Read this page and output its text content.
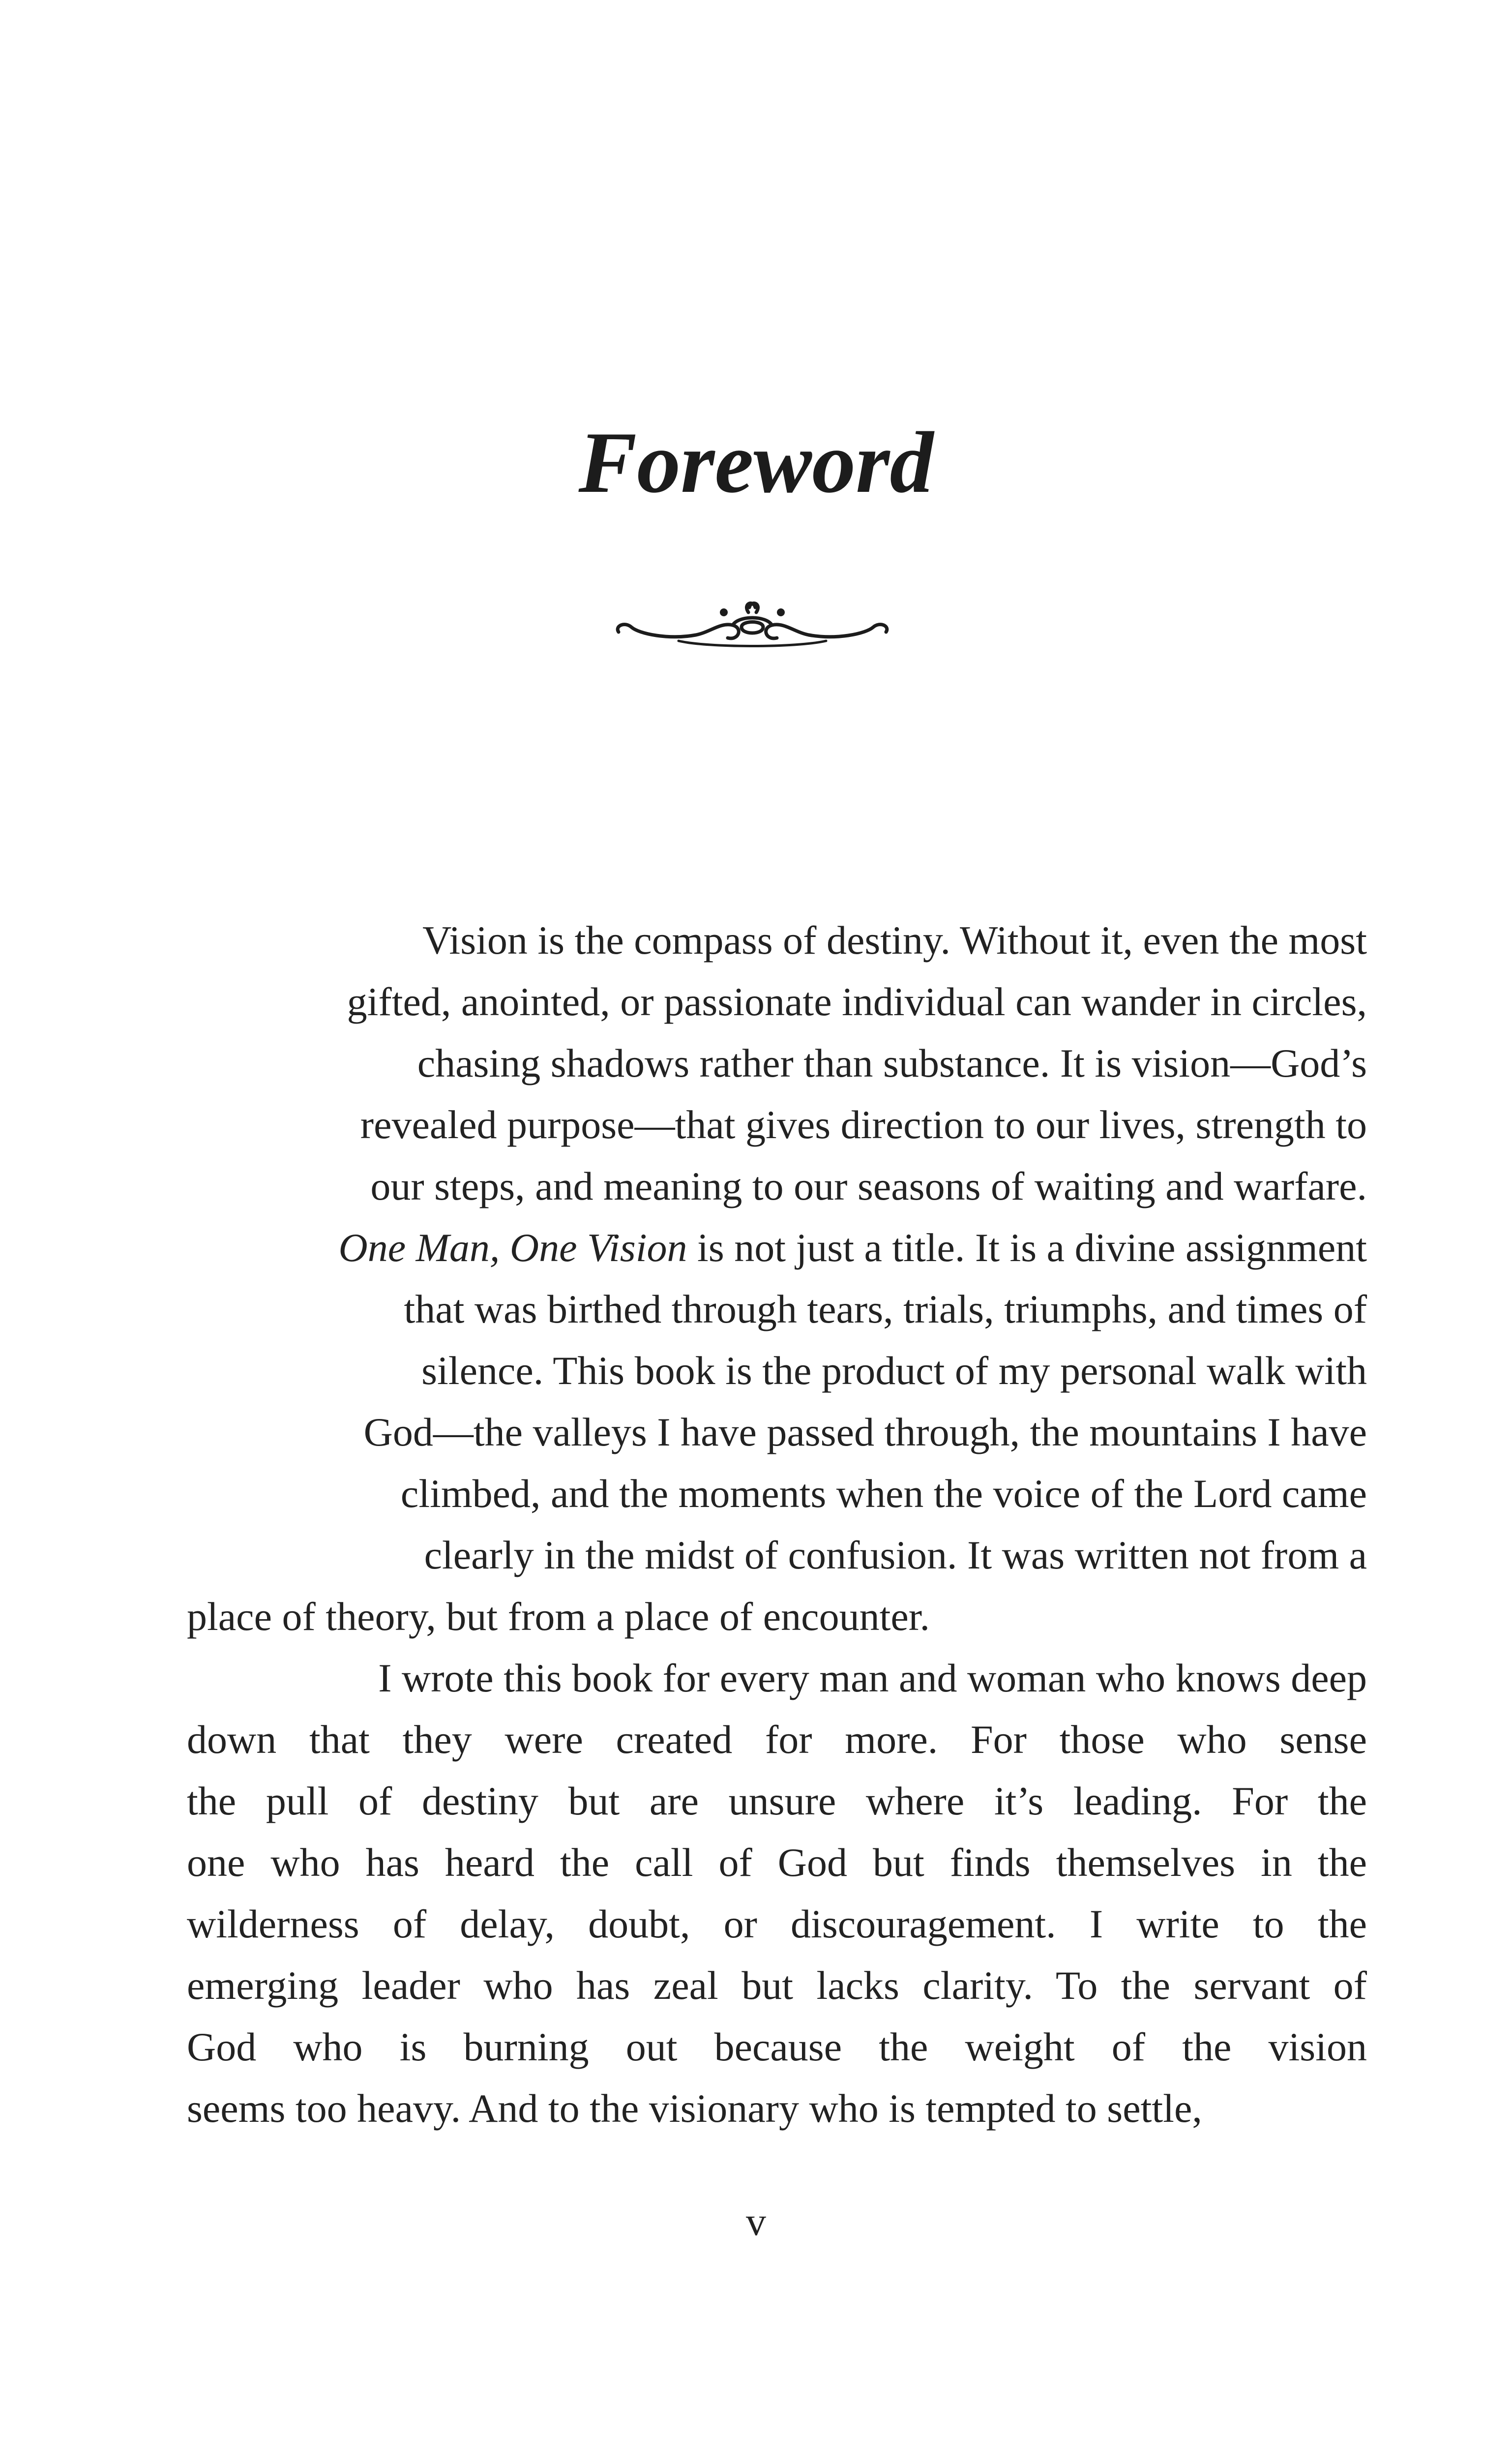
Foreword
Vision is the compass of destiny. Without it, even the most
gifted, anointed, or passionate individual can wander in circles,
chasing shadows rather than substance. It is vision—God’s
revealed purpose—that gives direction to our lives, strength to
our steps, and meaning to our seasons of waiting and warfare.
One Man, One Vision is not just a title. It is a divine assignment
that was birthed through tears, trials, triumphs, and times of
silence. This book is the product of my personal walk with
God—the valleys I have passed through, the mountains I have
climbed, and the moments when the voice of the Lord came
clearly in the midst of confusion. It was written not from a
place of theory, but from a place of encounter.
I wrote this book for every man and woman who knows deep
down that they were created for more. For those who sense
the pull of destiny but are unsure where it’s leading. For the
one who has heard the call of God but finds themselves in the
wilderness of delay, doubt, or discouragement. I write to the
emerging leader who has zeal but lacks clarity. To the servant of
God who is burning out because the weight of the vision
seems too heavy. And to the visionary who is tempted to settle,
v
